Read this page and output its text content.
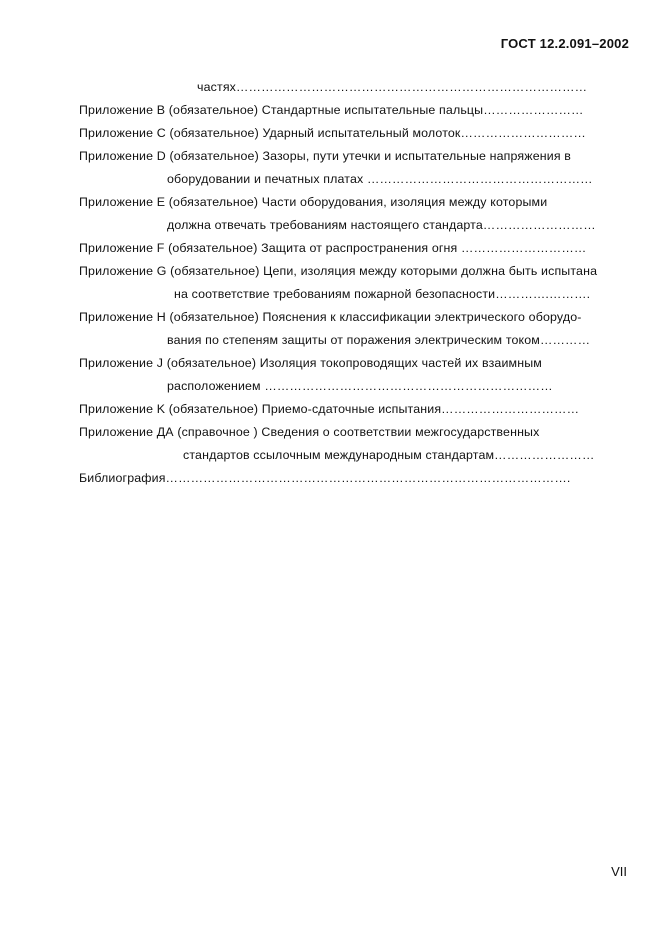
ГОСТ 12.2.091–2002
частях…………………………………………………………………………
Приложение B (обязательное) Стандартные испытательные пальцы……………………
Приложение C (обязательное) Ударный испытательный молоток…………………………
Приложение D (обязательное) Зазоры, пути утечки и испытательные напряжения в
оборудовании и печатных платах ………………………………………………
Приложение E (обязательное) Части оборудования, изоляция между которыми
должна отвечать требованиям настоящего стандарта………………………
Приложение F (обязательное) Защита от распространения огня …………………………
Приложение G (обязательное) Цепи, изоляция между которыми должна быть испытана
на соответствие требованиям пожарной безопасности………….……….
Приложение H (обязательное) Пояснения к классификации электрического оборудо-
вания по степеням защиты от поражения электрическим током…………
Приложение J (обязательное) Изоляция токопроводящих частей их взаимным
расположением ……………………………………………………………
Приложение K (обязательное) Приемо-сдаточные испытания……………………………
Приложение ДА (справочное ) Сведения о соответствии межгосударственных
стандартов ссылочным международным стандартам……………………
Библиография…………………………………………………………………………………….
VII
